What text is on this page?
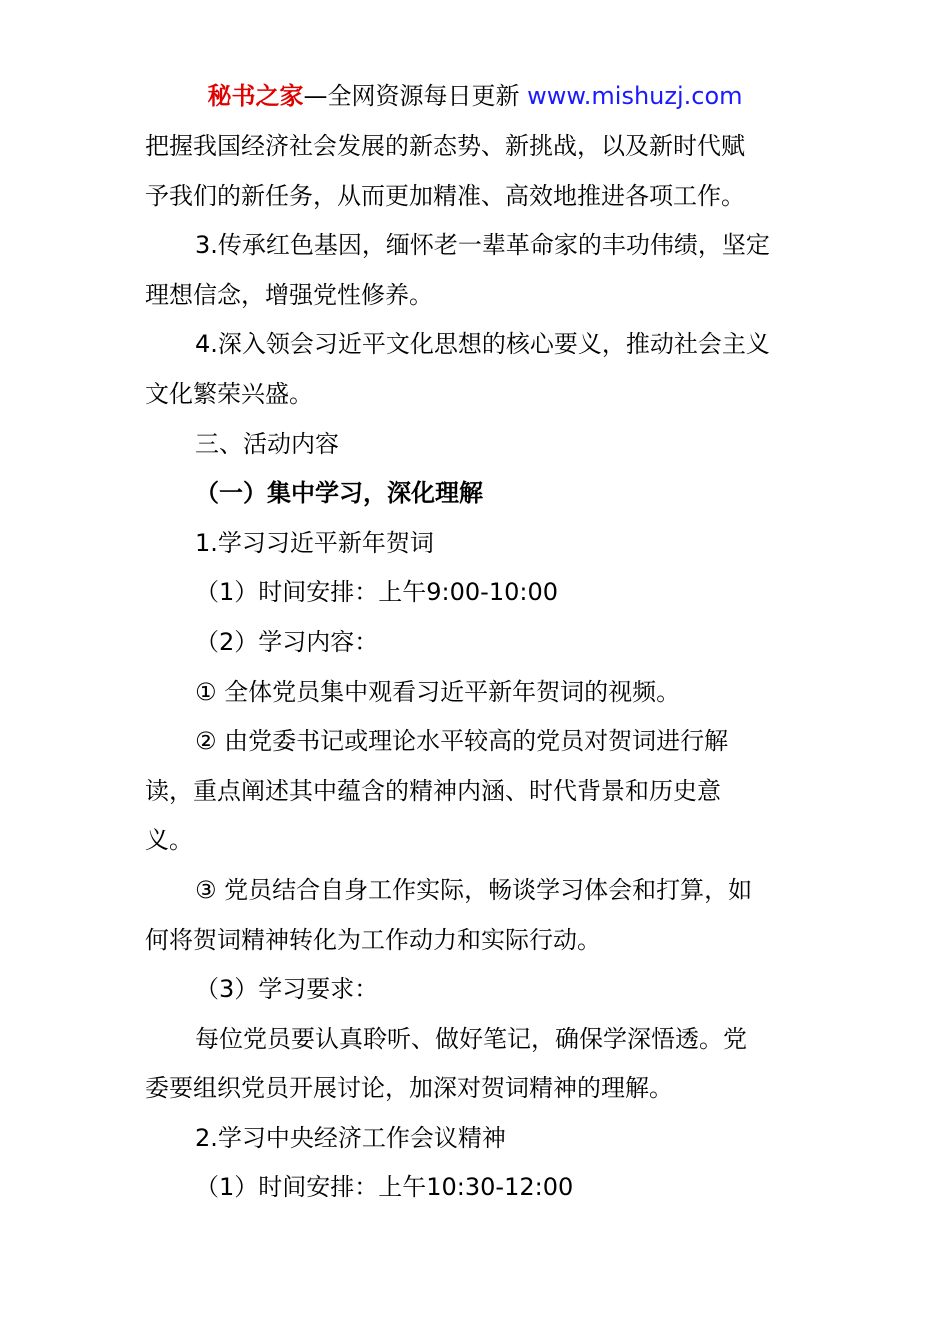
秘书之家—全网资源每日更新 www.mishuzj.com
把握我国经济社会发展的新态势、新挑战，以及新时代赋
予我们的新任务，从而更加精准、高效地推进各项工作。
3.传承红色基因，缅怀老一辈革命家的丰功伟绩，坚定
理想信念，增强党性修养。
4.深入领会习近平文化思想的核心要义，推动社会主义
文化繁荣兴盛。
三、活动内容
（一）集中学习，深化理解
1.学习习近平新年贺词
（1）时间安排：上午9:00-10:00
（2）学习内容：
① 全体党员集中观看习近平新年贺词的视频。
② 由党委书记或理论水平较高的党员对贺词进行解
读，重点阐述其中蕴含的精神内涵、时代背景和历史意
义。
③ 党员结合自身工作实际，畅谈学习体会和打算，如
何将贺词精神转化为工作动力和实际行动。
（3）学习要求：
每位党员要认真聆听、做好笔记，确保学深悟透。党
委要组织党员开展讨论，加深对贺词精神的理解。
2.学习中央经济工作会议精神
（1）时间安排：上午10:30-12:00
